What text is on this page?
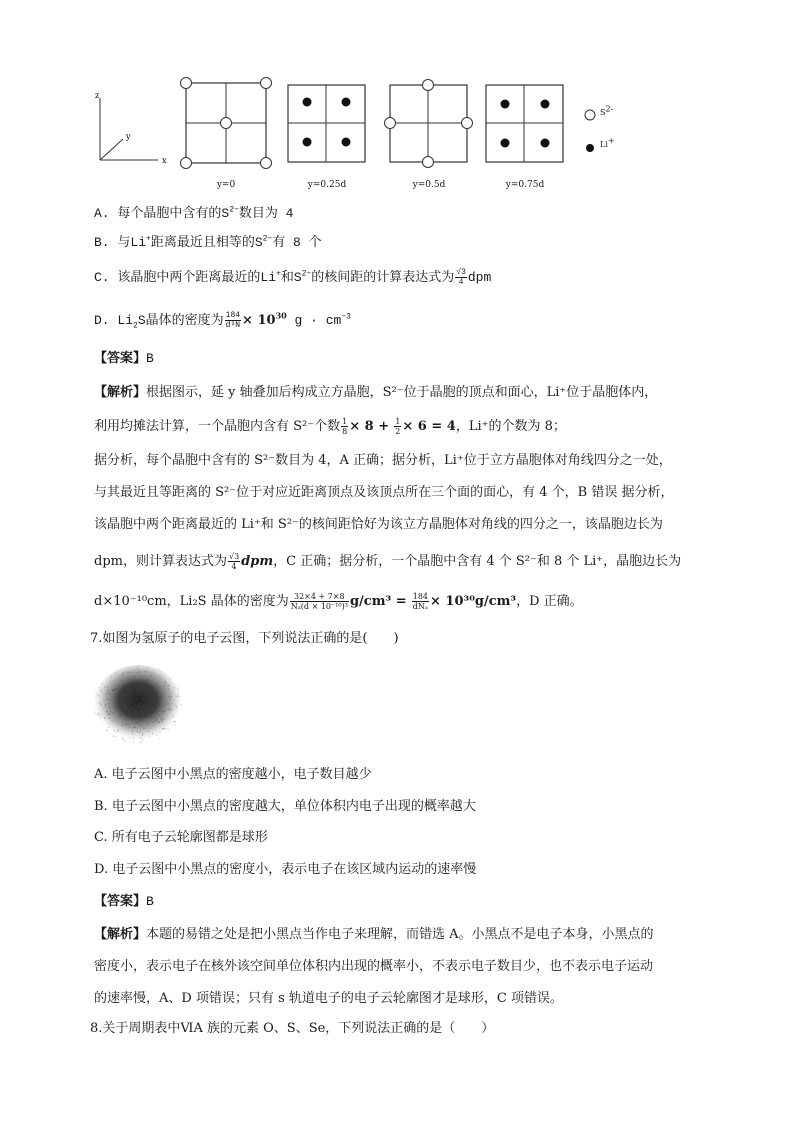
z
y
x
$S^{2-}$
Li+
y=0	y=0.25d	y=0.5d	y=0.75d
A. 每个晶胞中含有的$S^{2-}$数目为 4
B. 与Li+距离最近且相等的$S^{2-}$有 8 个
C. 该晶胞中两个距离最近的Li+和$S^{2-}$的核间距的计算表达式为 $\frac{√3}{4}$ dpm
D. $Li_2S$晶体的密度为 $\frac{184}{\text{d³N}} \times 10^{30}$ $g \cdot cm^{-3}$
【答案】B
【解析】根据图示，延 y 轴叠加后构成立方晶胞，S²⁻位于晶胞的顶点和面心，Li⁺位于晶胞体内，
利用均摊法计算，一个晶胞内含有 S²⁻个数 $\frac{1}{8} \times 8 + \frac{1}{2} \times 6 = 4$，Li⁺的个数为 8；
据分析，每个晶胞中含有的 S²⁻数目为 4，A 正确；据分析，Li⁺位于立方晶胞体对角线四分之一处，
与其最近且等距离的 S²⁻位于对应近距离顶点及该顶点所在三个面的面心，有 4 个，B 错误 据分析，
该晶胞中两个距离最近的 Li⁺和 S²⁻的核间距恰好为该立方晶胞体对角线的四分之一，该晶胞边长为
dpm，则计算表达式为 $\frac{√3}{4}$ dpm，C 正确；据分析，一个晶胞中含有 4 个 S²⁻和 8 个 Li⁺，晶胞边长为
d×10⁻¹⁰cm，Li₂S 晶体的密度为 $\frac{32\times 4 + 7\times 8}{\text{Nₐ(d × 10⁻¹⁰)³}} g/cm^3 = \frac{184}{\text{dNₐ}} \times 10^{30}g/cm^3$，D 正确。
7.如图为氢原子的电子云图，下列说法正确的是(　　)
A. 电子云图中小黑点的密度越小，电子数目越少
B. 电子云图中小黑点的密度越大，单位体积内电子出现的概率越大
C. 所有电子云轮廓图都是球形
D. 电子云图中小黑点的密度小，表示电子在该区域内运动的速率慢
【答案】B
【解析】本题的易错之处是把小黑点当作电子来理解，而错选 A。小黑点不是电子本身，小黑点的
密度小，表示电子在核外该空间单位体积内出现的概率小，不表示电子数目少，也不表示电子运动
的速率慢，A、D 项错误；只有 s 轨道电子的电子云轮廓图才是球形，C 项错误。
8.关于周期表中ⅥA 族的元素 O、S、Se，下列说法正确的是（　　）
